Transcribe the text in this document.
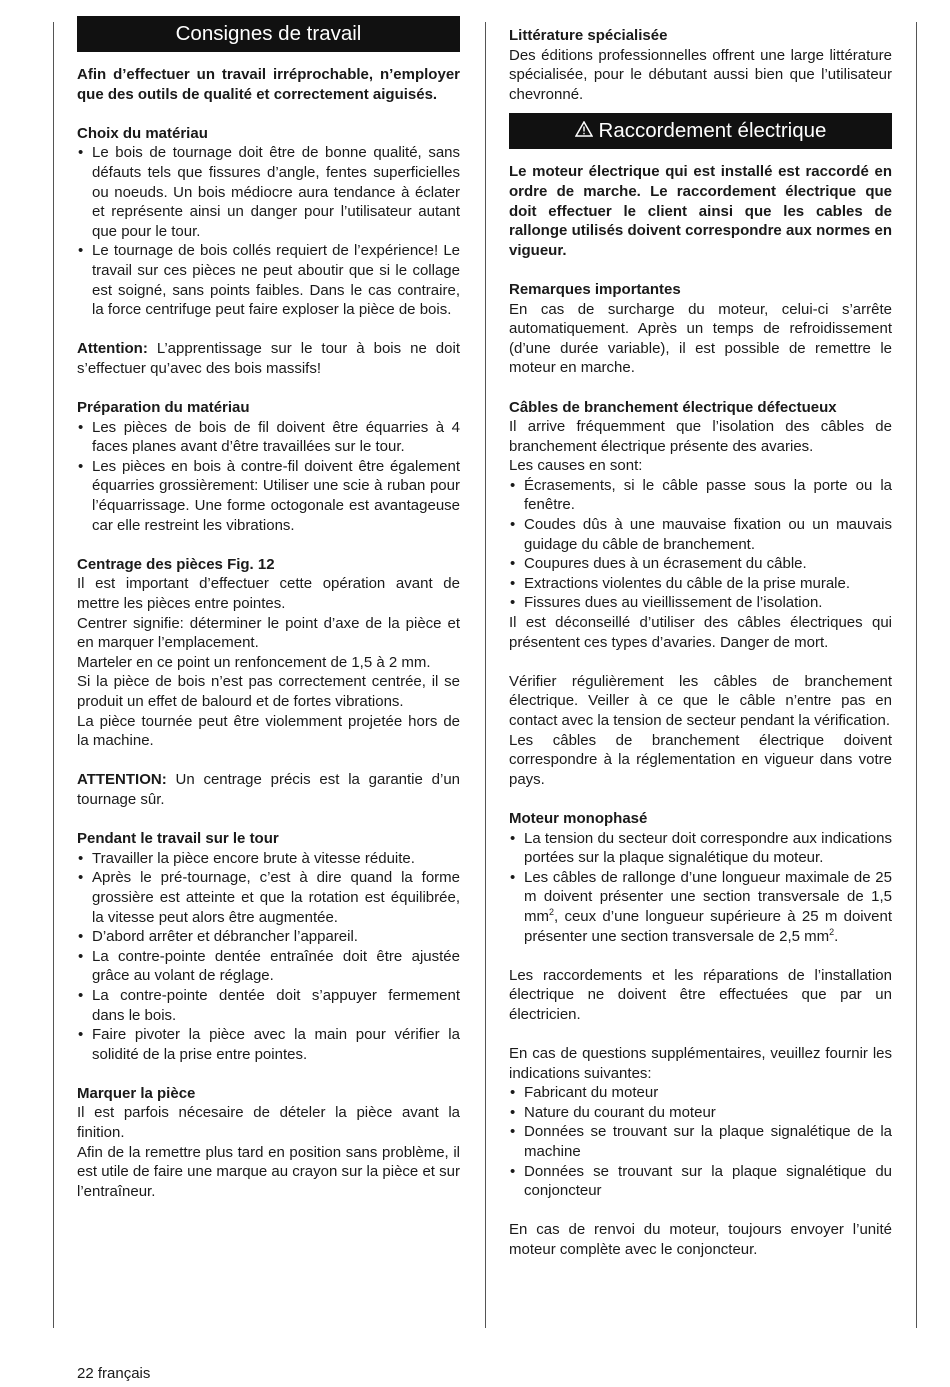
Consignes de travail

Afin d’effectuer un travail irréprochable, n’employer que des outils de qualité et correctement aiguisés.

Choix du matériau

• Le bois de tournage doit être de bonne qualité, sans défauts tels que fissures d’angle, fentes superficielles ou noeuds. Un bois médiocre aura tendance à éclater et représente ainsi un danger pour l’utilisateur autant que pour le tour.
• Le tournage de bois collés requiert de l’expérience! Le travail sur ces pièces ne peut aboutir que si le collage est soigné, sans points faibles. Dans le cas contraire, la force centrifuge peut faire exploser la pièce de bois.

Attention: L’apprentissage sur le tour à bois ne doit s’effectuer qu’avec des bois massifs!

Préparation du matériau

• Les pièces de bois de fil doivent être équarries à 4 faces planes avant d’être travaillées sur le tour.
• Les pièces en bois à contre-fil doivent être également équarries grossièrement: Utiliser une scie à ruban pour l’équarrissage. Une forme octogonale est avantageuse car elle restreint les vibrations.

Centrage des pièces Fig. 12

Il est important d’effectuer cette opération avant de mettre les pièces entre pointes.

Centrer signifie: déterminer le point d’axe de la pièce et en marquer l’emplacement.

Marteler en ce point un renfoncement de 1,5 à 2 mm.

Si la pièce de bois n’est pas correctement centrée, il se produit un effet de balourd et de fortes vibrations.

La pièce tournée peut être violemment projetée hors de la machine.

ATTENTION: Un centrage précis est la garantie d’un tournage sûr.

Pendant le travail sur le tour

• Travailler la pièce encore brute à vitesse réduite.
• Après le pré-tournage, c’est à dire quand la forme grossière est atteinte et que la rotation est équilibrée, la vitesse peut alors être augmentée.
• D’abord arrêter et débrancher l’appareil.
• La contre-pointe dentée entraînée doit être ajustée grâce au volant de réglage.
• La contre-pointe dentée doit s’appuyer fermement dans le bois.
• Faire pivoter la pièce avec la main pour vérifier la solidité de la prise entre pointes.

Marquer la pièce

Il est parfois nécesaire de dételer la pièce avant la finition.

Afin de la remettre plus tard en position sans problème, il est utile de faire une marque au crayon sur la pièce et sur l’entraîneur.

Littérature spécialisée

Des éditions professionnelles offrent une large littérature spécialisée, pour le débutant aussi bien que l’utilisateur chevronné.

Raccordement électrique

Le moteur électrique qui est installé est raccordé en ordre de marche. Le raccordement électrique que doit effectuer le client ainsi que les cables de rallonge utilisés doivent correspondre aux normes en vigueur.

Remarques importantes

En cas de surcharge du moteur, celui-ci s’arrête automatiquement. Après un temps de refroidissement (d’une durée variable), il est possible de remettre le moteur en marche.

Câbles de branchement électrique défectueux

Il arrive fréquemment que l’isolation des câbles de branchement électrique présente des avaries.

Les causes en sont:

• Écrasements, si le câble passe sous la porte ou la fenêtre.
• Coudes dûs à une mauvaise fixation ou un mauvais guidage du câble de branchement.
• Coupures dues à un écrasement du câble.
• Extractions violentes du câble de la prise murale.
• Fissures dues au vieillissement de l’isolation.

Il est déconseillé d’utiliser des câbles électriques qui présentent ces types d’avaries. Danger de mort.

Vérifier régulièrement les câbles de branchement électrique. Veiller à ce que le câble n’entre pas en contact avec la tension de secteur pendant la vérification.

Les câbles de branchement électrique doivent correspondre à la réglementation en vigueur dans votre pays.

Moteur monophasé

• La tension du secteur doit correspondre aux indications portées sur la plaque signalétique du moteur.
• Les câbles de rallonge d’une longueur maximale de 25 m doivent présenter une section transversale de 1,5 $mm^2$, ceux d’une longueur supérieure à 25 m doivent présenter une section transversale de 2,5 $mm^2$.

Les raccordements et les réparations de l’installation électrique ne doivent être effectuées que par un électricien.

En cas de questions supplémentaires, veuillez fournir les indications suivantes:

• Fabricant du moteur
• Nature du courant du moteur
• Données se trouvant sur la plaque signalétique de la machine
• Données se trouvant sur la plaque signalétique du conjoncteur

En cas de renvoi du moteur, toujours envoyer l’unité moteur complète avec le conjoncteur.

22 français
